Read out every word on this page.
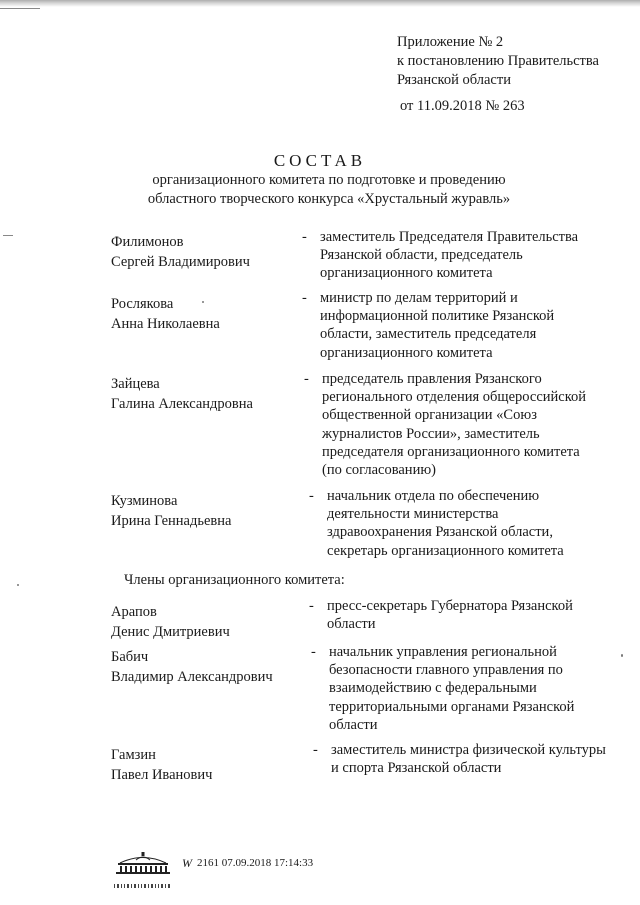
Приложение № 2
к постановлению Правительства
Рязанской области
от 11.09.2018 № 263
СОСТАВ
организационного комитета по подготовке и проведению
областного творческого конкурса «Хрустальный журавль»
Филимонов
Сергей Владимирович
- заместитель Председателя Правительства
Рязанской области, председатель
организационного комитета
Рослякова
Анна Николаевна
- министр по делам территорий и
информационной политике Рязанской
области, заместитель председателя
организационного комитета
Зайцева
Галина Александровна
- председатель правления Рязанского
регионального отделения общероссийской
общественной организации «Союз
журналистов России», заместитель
председателя организационного комитета
(по согласованию)
Кузминова
Ирина Геннадьевна
- начальник отдела по обеспечению
деятельности министерства
здравоохранения Рязанской области,
секретарь организационного комитета
Члены организационного комитета:
Арапов
Денис Дмитриевич
- пресс-секретарь Губернатора Рязанской
области
Бабич
Владимир Александрович
- начальник управления региональной
безопасности главного управления по
взаимодействию с федеральными
территориальными органами Рязанской
области
Гамзин
Павел Иванович
- заместитель министра физической культуры
и спорта Рязанской области
W 2161 07.09.2018 17:14:33
